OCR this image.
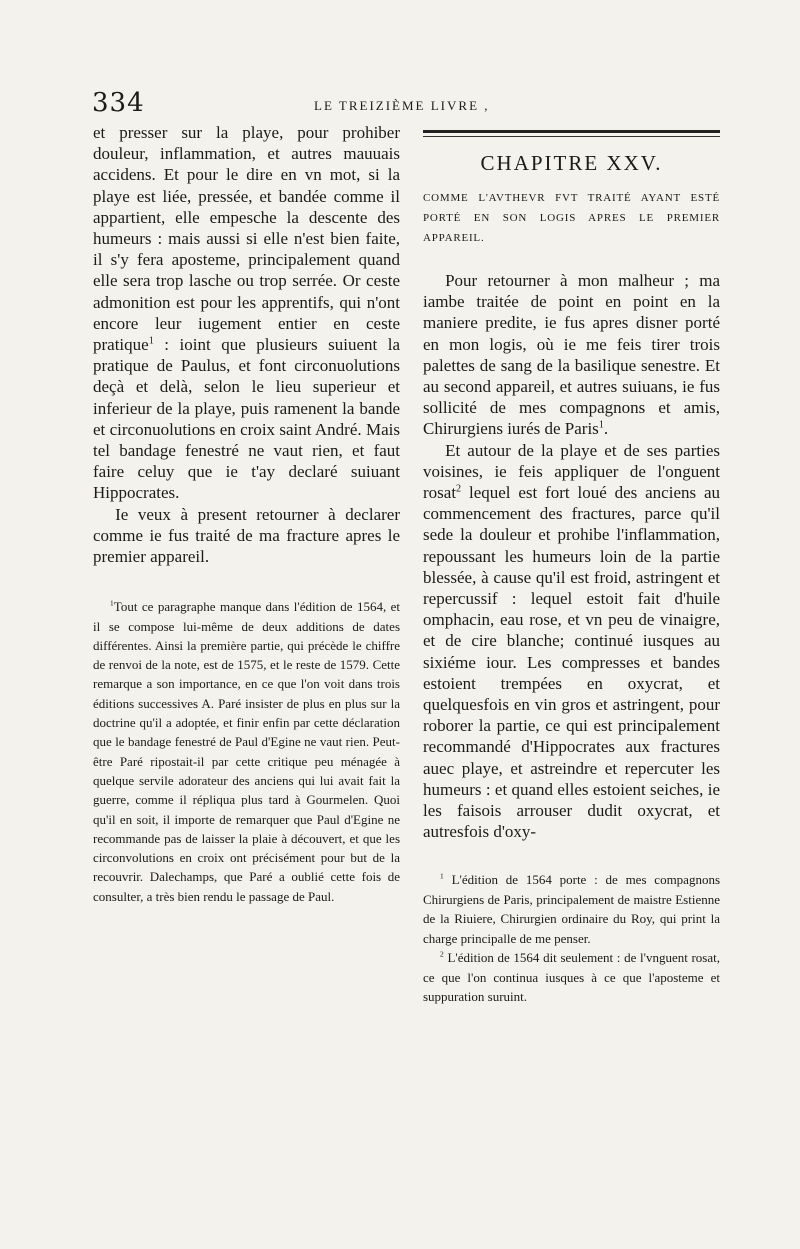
334	LE TREIZIÈME LIVRE ,

et presser sur la playe, pour prohiber douleur, inflammation, et autres mauuais accidens. Et pour le dire en vn mot, si la playe est liée, pressée, et bandée comme il appartient, elle empesche la descente des humeurs : mais aussi si elle n'est bien faite, il s'y fera aposteme, principalement quand elle sera trop lasche ou trop serrée. Or ceste admonition est pour les apprentifs, qui n'ont encore leur iugement entier en ceste pratique$^1$ : ioint que plusieurs suiuent la pratique de Paulus, et font circonuolutions deçà et delà, selon le lieu superieur et inferieur de la playe, puis ramenent la bande et circonuolutions en croix saint André. Mais tel bandage fenestré ne vaut rien, et faut faire celuy que ie t'ay declaré suiuant Hippocrates.

Ie veux à present retourner à declarer comme ie fus traité de ma fracture apres le premier appareil.

$^1$Tout ce paragraphe manque dans l'édition de 1564, et il se compose lui-même de deux additions de dates différentes. Ainsi la première partie, qui précède le chiffre de renvoi de la note, est de 1575, et le reste de 1579. Cette remarque a son importance, en ce que l'on voit dans trois éditions successives A. Paré insister de plus en plus sur la doctrine qu'il a adoptée, et finir enfin par cette déclaration que le bandage fenestré de Paul d'Egine ne vaut rien. Peut-être Paré ripostait-il par cette critique peu ménagée à quelque servile adorateur des anciens qui lui avait fait la guerre, comme il répliqua plus tard à Gourmelen. Quoi qu'il en soit, il importe de remarquer que Paul d'Egine ne recommande pas de laisser la plaie à découvert, et que les circonvolutions en croix ont précisément pour but de la recouvrir. Dalechamps, que Paré a oublié cette fois de consulter, a très bien rendu le passage de Paul.

CHAPITRE XXV.
COMME L'AVTHEVR FVT TRAITÉ AYANT ESTÉ PORTÉ EN SON LOGIS APRES LE PREMIER APPAREIL.

Pour retourner à mon malheur ; ma iambe traitée de point en point en la maniere predite, ie fus apres disner porté en mon logis, où ie me feis tirer trois palettes de sang de la basilique senestre. Et au second appareil, et autres suiuans, ie fus sollicité de mes compagnons et amis, Chirurgiens iurés de Paris$^1$.

Et autour de la playe et de ses parties voisines, ie feis appliquer de l'onguent rosat$^2$ lequel est fort loué des anciens au commencement des fractures, parce qu'il sede la douleur et prohibe l'inflammation, repoussant les humeurs loin de la partie blessée, à cause qu'il est froid, astringent et repercussif : lequel estoit fait d'huile omphacin, eau rose, et vn peu de vinaigre, et de cire blanche; continué iusques au sixiéme iour. Les compresses et bandes estoient trempées en oxycrat, et quelquesfois en vin gros et astringent, pour roborer la partie, ce qui est principalement recommandé d'Hippocrates aux fractures auec playe, et astreindre et repercuter les humeurs : et quand elles estoient seiches, ie les faisois arrouser dudit oxycrat, et autresfois d'oxy-

$^1$ L'édition de 1564 porte : de mes compagnons Chirurgiens de Paris, principalement de maistre Estienne de la Riuiere, Chirurgien ordinaire du Roy, qui print la charge principalle de me penser.

$^2$ L'édition de 1564 dit seulement : de l'vnguent rosat, ce que l'on continua iusques à ce que l'aposteme et suppuration suruint.
